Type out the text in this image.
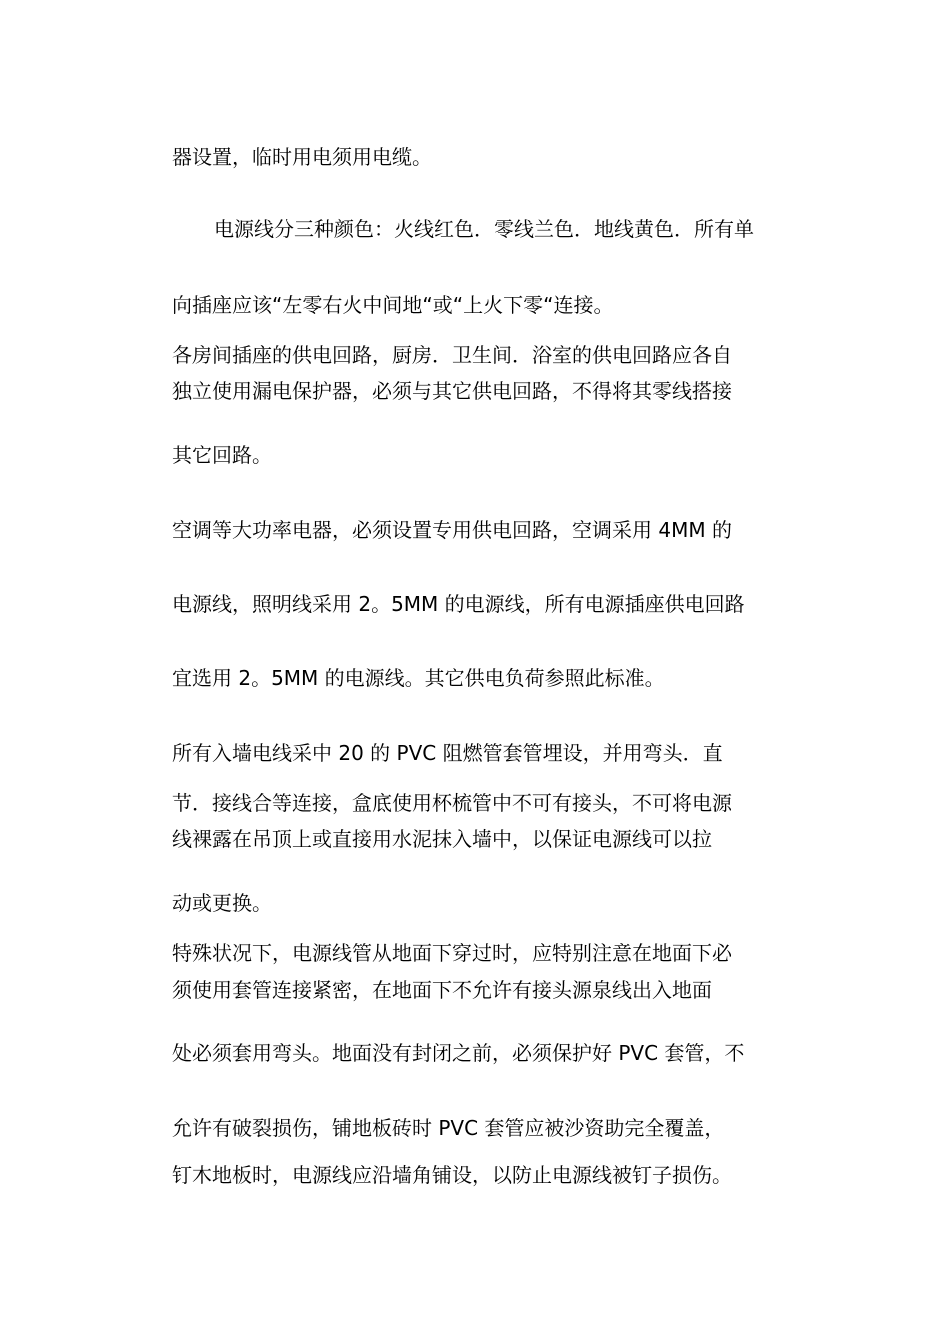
器设置，临时用电须用电缆。
电源线分三种颜色：火线红色．零线兰色．地线黄色．所有单
向插座应该“左零右火中间地“或“上火下零“连接。
各房间插座的供电回路，厨房．卫生间．浴室的供电回路应各自
独立使用漏电保护器，必须与其它供电回路，不得将其零线搭接
其它回路。
空调等大功率电器，必须设置专用供电回路，空调采用 4MM 的
电源线，照明线采用 2。5MM 的电源线，所有电源插座供电回路
宜选用 2。5MM 的电源线。其它供电负荷参照此标准。
所有入墙电线采中 20 的 PVC 阻燃管套管埋设，并用弯头．直
节．接线合等连接，盒底使用杯梳管中不可有接头，不可将电源
线裸露在吊顶上或直接用水泥抹入墙中，以保证电源线可以拉
动或更换。
特殊状况下，电源线管从地面下穿过时，应特别注意在地面下必
须使用套管连接紧密，在地面下不允许有接头源泉线出入地面
处必须套用弯头。地面没有封闭之前，必须保护好 PVC 套管，不
允许有破裂损伤，铺地板砖时 PVC 套管应被沙资助完全覆盖，
钉木地板时，电源线应沿墙角铺设，以防止电源线被钉子损伤。
